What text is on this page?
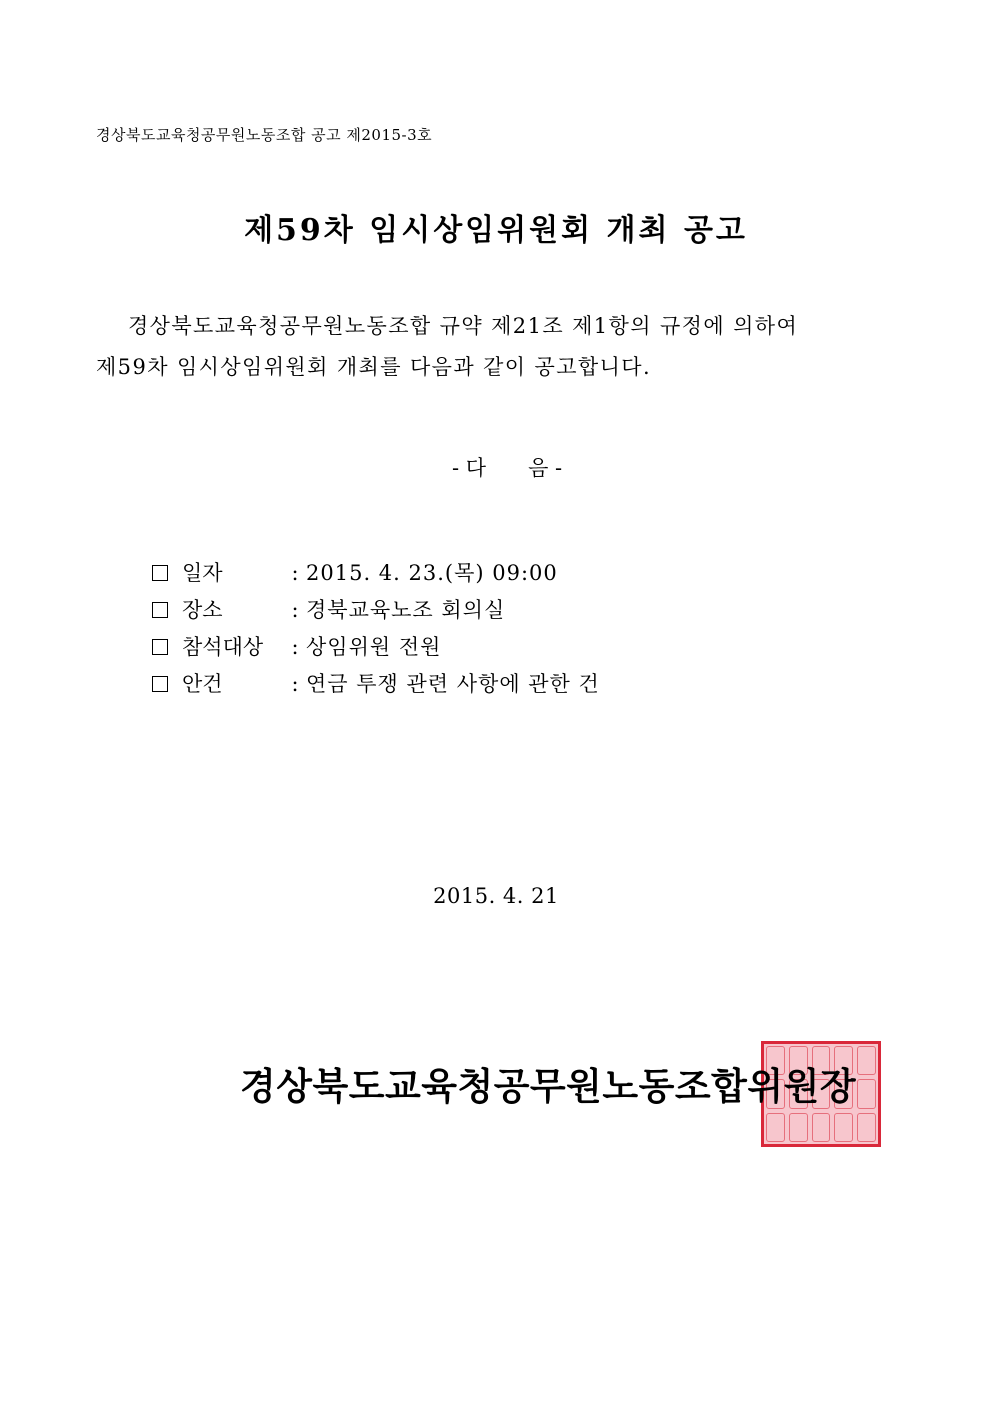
경상북도교육청공무원노동조합 공고 제2015-3호
제59차 임시상임위원회 개최 공고
경상북도교육청공무원노동조합 규약 제21조 제1항의 규정에 의하여
제59차 임시상임위원회 개최를 다음과 같이 공고합니다.
- 다 음 -
일자	: 2015. 4. 23.(목) 09:00
장소	: 경북교육노조 회의실
참석대상 : 상임위원 전원
안건	: 연금 투쟁 관련 사항에 관한 건
2015. 4. 21
경상북도교육청공무원노동조합위원장
